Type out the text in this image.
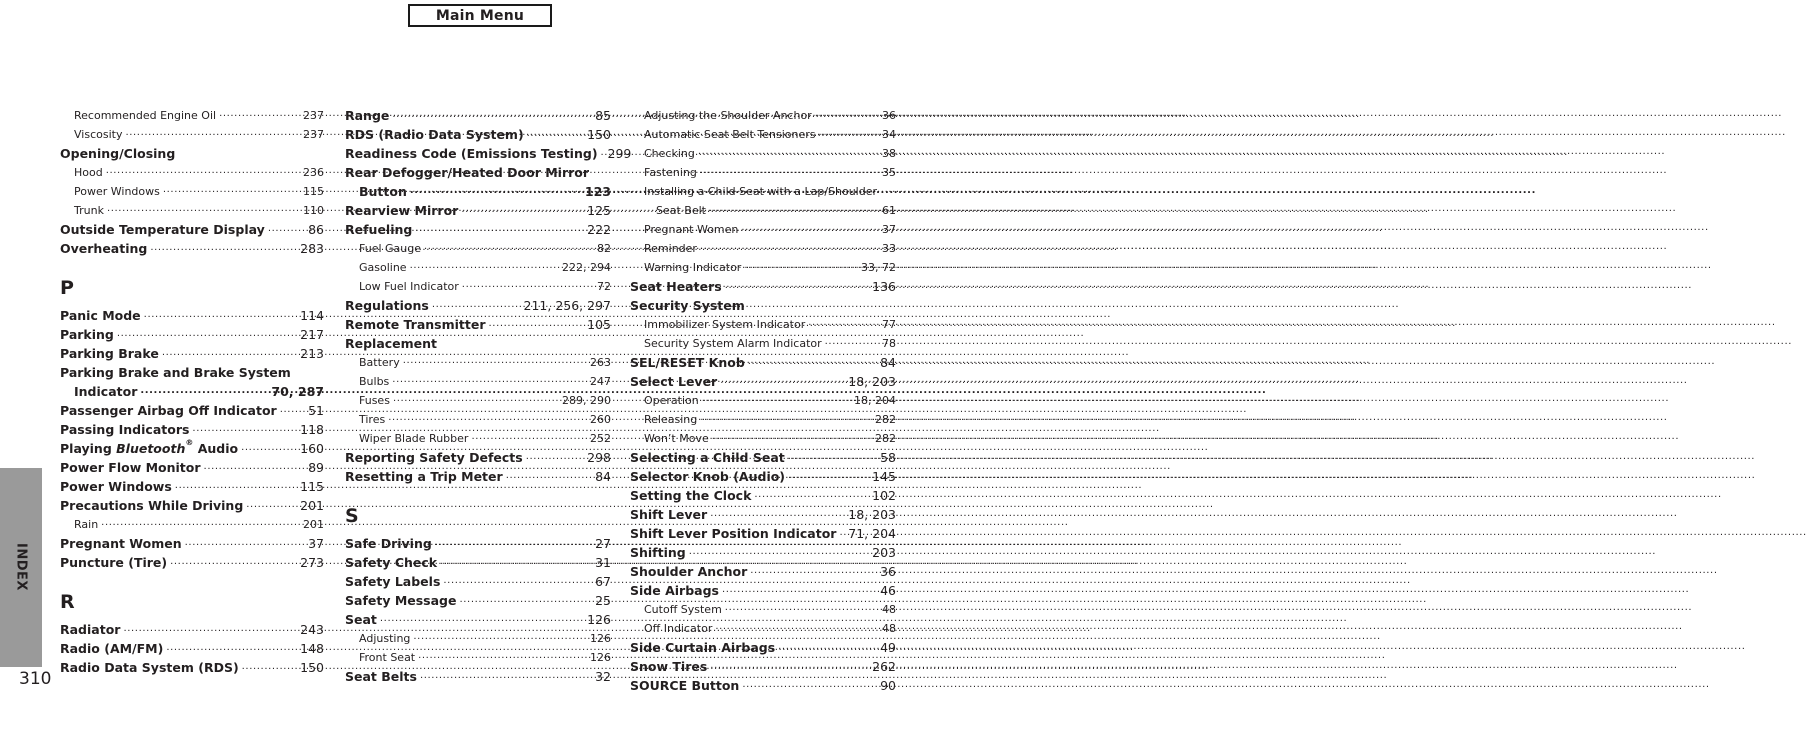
Main Menu
INDEX
310
Recommended Engine Oil .....	237
Viscosity .....	237
Opening/Closing
Hood .....	236
Power Windows .....	115
Trunk .....	110
Outside Temperature Display .....	86
Overheating .....	283
P
Panic Mode .....	114
Parking .....	217
Parking Brake .....	213
Parking Brake and Brake System
Indicator .....	70, 287
Passenger Airbag Off Indicator .....	51
Passing Indicators .....	118
Playing Bluetooth® Audio .....	160
Power Flow Monitor .....	89
Power Windows .....	115
Precautions While Driving .....	201
Rain .....	201
Pregnant Women .....	37
Puncture (Tire) .....	273
R
Radiator .....	243
Radio (AM/FM) .....	148
Radio Data System (RDS) .....	150
Range .....	85
RDS (Radio Data System) .....	150
Readiness Code (Emissions Testing) ..... 299
Rear Defogger/Heated Door Mirror
Button .....	123
Rearview Mirror .....	125
Refueling .....	222
Fuel Gauge .....	82
Gasoline .....	222, 294
Low Fuel Indicator .....	72
Regulations .....	211, 256, 297
Remote Transmitter .....	105
Replacement
Battery .....	263
Bulbs .....	247
Fuses .....	289, 290
Tires .....	260
Wiper Blade Rubber .....	252
Reporting Safety Defects .....	298
Resetting a Trip Meter .....	84
S
Safe Driving .....	27
Safety Check .....	31
Safety Labels .....	67
Safety Message .....	25
Seat .....	126
Adjusting .....	126
Front Seat .....	126
Seat Belts .....	32
Adjusting the Shoulder Anchor .....	36
Automatic Seat Belt Tensioners .....	34
Checking .....	38
Fastening .....	35
Installing a Child Seat with a Lap/Shoulder
Seat Belt .....	61
Pregnant Women .....	37
Reminder .....	33
Warning Indicator .....	33, 72
Seat Heaters .....	136
Security System
Immobilizer System Indicator .....	77
Security System Alarm Indicator .....	78
SEL/RESET Knob .....	84
Select Lever .....	18, 203
Operation .....	18, 204
Releasing .....	282
Won’t Move .....	282
Selecting a Child Seat .....	58
Selector Knob (Audio) .....	145
Setting the Clock .....	102
Shift Lever .....	18, 203
Shift Lever Position Indicator ..... 71, 204
Shifting .....	203
Shoulder Anchor .....	36
Side Airbags .....	46
Cutoff System .....	48
Off Indicator .....	48
Side Curtain Airbags .....	49
Snow Tires .....	262
SOURCE Button .....	90
